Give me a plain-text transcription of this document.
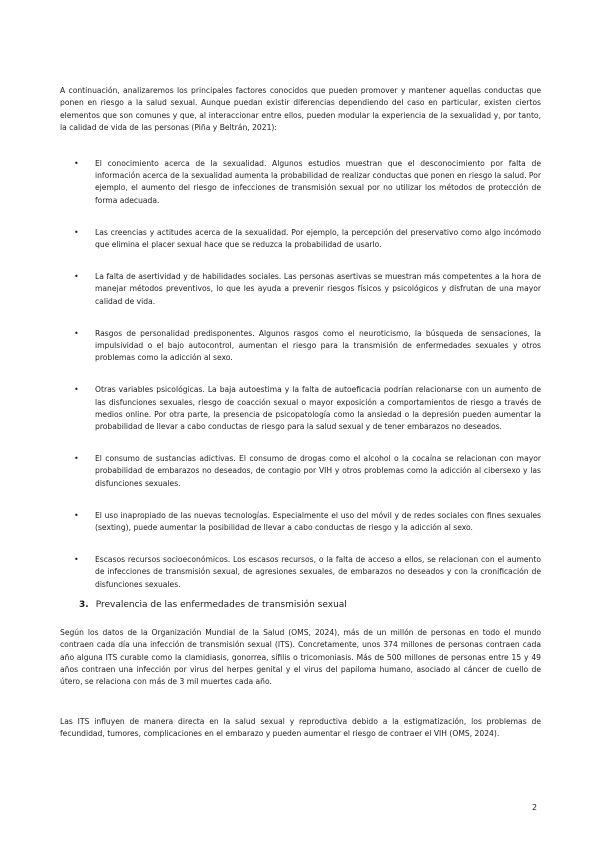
A continuación, analizaremos los principales factores conocidos que pueden promover y mantener aquellas conductas que ponen en riesgo a la salud sexual. Aunque puedan existir diferencias dependiendo del caso en particular, existen ciertos elementos que son comunes y que, al interaccionar entre ellos, pueden modular la experiencia de la sexualidad y, por tanto, la calidad de vida de las personas (Piña y Beltrán, 2021):

• El conocimiento acerca de la sexualidad. Algunos estudios muestran que el desconocimiento por falta de información acerca de la sexualidad aumenta la probabilidad de realizar conductas que ponen en riesgo la salud. Por ejemplo, el aumento del riesgo de infecciones de transmisión sexual por no utilizar los métodos de protección de forma adecuada.
• Las creencias y actitudes acerca de la sexualidad. Por ejemplo, la percepción del preservativo como algo incómodo que elimina el placer sexual hace que se reduzca la probabilidad de usarlo.
• La falta de asertividad y de habilidades sociales. Las personas asertivas se muestran más competentes a la hora de manejar métodos preventivos, lo que les ayuda a prevenir riesgos físicos y psicológicos y disfrutan de una mayor calidad de vida.
• Rasgos de personalidad predisponentes. Algunos rasgos como el neuroticismo, la búsqueda de sensaciones, la impulsividad o el bajo autocontrol, aumentan el riesgo para la transmisión de enfermedades sexuales y otros problemas como la adicción al sexo.
• Otras variables psicológicas. La baja autoestima y la falta de autoeficacia podrían relacionarse con un aumento de las disfunciones sexuales, riesgo de coacción sexual o mayor exposición a comportamientos de riesgo a través de medios online. Por otra parte, la presencia de psicopatología como la ansiedad o la depresión pueden aumentar la probabilidad de llevar a cabo conductas de riesgo para la salud sexual y de tener embarazos no deseados.
• El consumo de sustancias adictivas. El consumo de drogas como el alcohol o la cocaína se relacionan con mayor probabilidad de embarazos no deseados, de contagio por VIH y otros problemas como la adicción al cibersexo y las disfunciones sexuales.
• El uso inapropiado de las nuevas tecnologías. Especialmente el uso del móvil y de redes sociales con fines sexuales (sexting), puede aumentar la posibilidad de llevar a cabo conductas de riesgo y la adicción al sexo.
• Escasos recursos socioeconómicos. Los escasos recursos, o la falta de acceso a ellos, se relacionan con el aumento de infecciones de transmisión sexual, de agresiones sexuales, de embarazos no deseados y con la cronificación de disfunciones sexuales.
3. Prevalencia de las enfermedades de transmisión sexual

Según los datos de la Organización Mundial de la Salud (OMS, 2024), más de un millón de personas en todo el mundo contraen cada día una infección de transmisión sexual (ITS). Concretamente, unos 374 millones de personas contraen cada año alguna ITS curable como la clamidiasis, gonorrea, sífilis o tricomoniasis. Más de 500 millones de personas entre 15 y 49 años contraen una infección por virus del herpes genital y el virus del papiloma humano, asociado al cáncer de cuello de útero, se relaciona con más de 3 mil muertes cada año.

Las ITS influyen de manera directa en la salud sexual y reproductiva debido a la estigmatización, los problemas de fecundidad, tumores, complicaciones en el embarazo y pueden aumentar el riesgo de contraer el VIH (OMS, 2024).

2
